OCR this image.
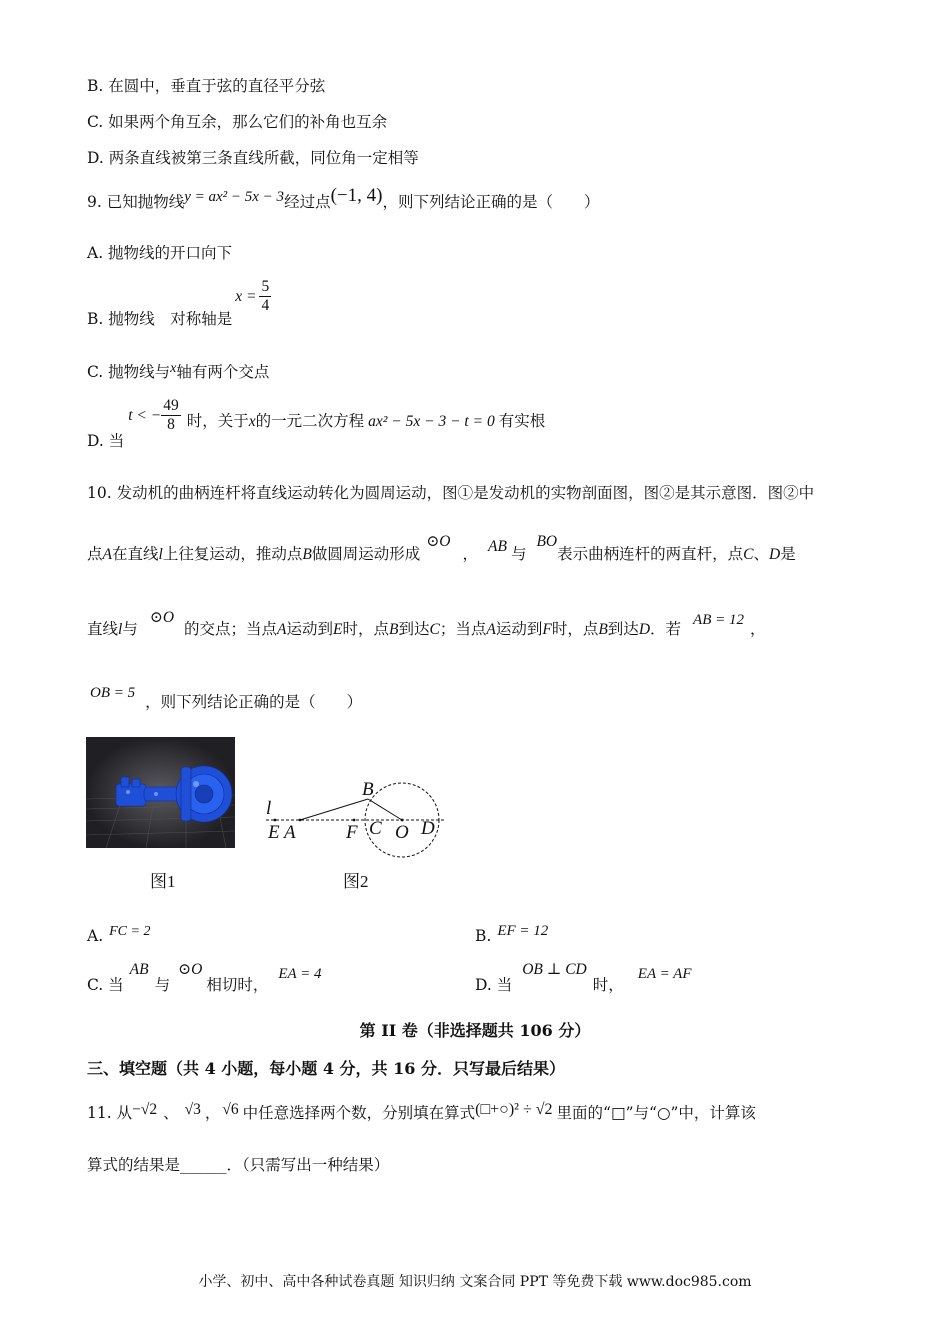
B. 在圆中，垂直于弦的直径平分弦
C. 如果两个角互余，那么它们的补角也互余
D. 两条直线被第三条直线所截，同位角一定相等
9. 已知抛物线y = ax² − 5x − 3经过点(−1, 4)，则下列结论正确的是（　　）
A. 抛物线的开口向下
B. 抛物线　对称轴是$x = \frac{5}{4}$
C. 抛物线与x轴有两个交点
D. 当t < − $\frac{49}{8}$ 时，关于x的一元二次方程 ax² − 5x − 3 − t = 0 有实根
10. 发动机的曲柄连杆将直线运动转化为圆周运动，图①是发动机的实物剖面图，图②是其示意图．图②中
点A在直线l上往复运动，推动点B做圆周运动形成⊙O， AB 与BO表示曲柄连杆的两直杆，点C、D是
直线l与⊙O的交点；当点A运动到E时，点B到达C；当点A运动到F时，点B到达D．若 AB = 12 ，
OB = 5 ，则下列结论正确的是（　　）
l
E A	F C O D
B
图1	图2
A. FC = 2	B. EF = 12
C. 当AB与⊙O相切时，EA = 4
D. 当OB ⊥ CD时，EA = AF
第 II 卷（非选择题共 106 分）
三、填空题（共 4 小题，每小题 4 分，共 16 分．只写最后结果）
11. 从−√2 、 √3 ， √6 中任意选择两个数，分别填在算式(□+○)² ÷ √2 里面的“□”与“○”中，计算该
算式的结果是______．（只需写出一种结果）
小学、初中、高中各种试卷真题 知识归纳 文案合同 PPT 等免费下载 www.doc985.com
